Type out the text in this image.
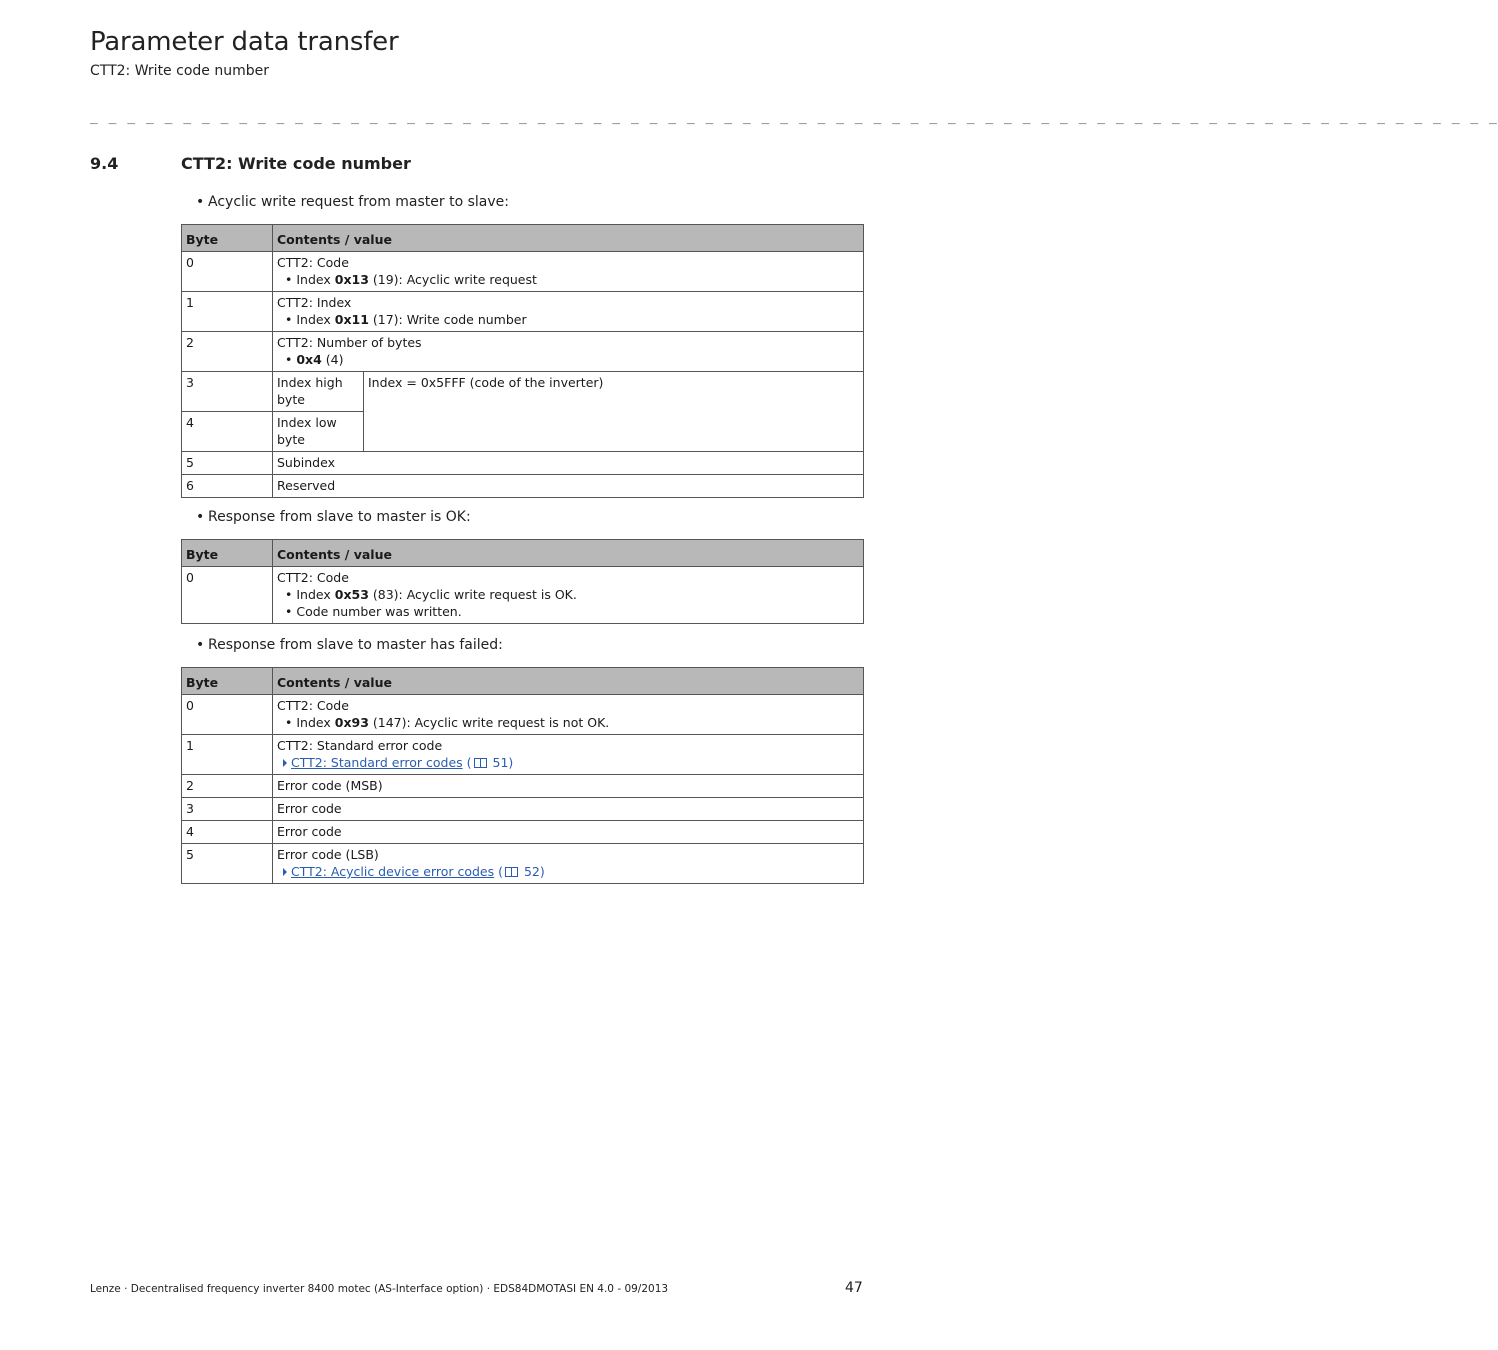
Parameter data transfer
CTT2: Write code number
_ _ _ _ _ _ _ _ _ _ _ _ _ _ _ _ _ _ _ _ _ _ _ _ _ _ _ _ _ _ _ _ _ _ _ _ _ _ _ _ _ _ _ _ _ _ _ _ _ _ _ _ _ _ _ _ _ _ _ _ _ _ _ _ _ _ _ _ _ _ _ _ _ _ _ _
9.4	CTT2: Write code number
• Acyclic write request from master to slave:
Byte	Contents / value	
0	CTT2: Code
• Index 0x13 (19): Acyclic write request	

1	CTT2: Index
• Index 0x11 (17): Write code number	

2	CTT2: Number of bytes
• 0x4 (4)	

3	Index high byte	Index = 0x5FFF (code of the inverter)
4	Index low byte	
5	Subindex	
6	Reserved	
• Response from slave to master is OK:
Byte	Contents / value
0	CTT2: Code
• Index 0x53 (83): Acyclic write request is OK.
• Code number was written.
• Response from slave to master has failed:
Byte	Contents / value
0	CTT2: Code
• Index 0x93 (147): Acyclic write request is not OK.

1	CTT2: Standard error code
CTT2: Standard error codes ( 51)

2	Error code (MSB)
3	Error code
4	Error code
5	Error code (LSB)
CTT2: Acyclic device error codes ( 52)
Lenze · Decentralised frequency inverter 8400 motec (AS-Interface option) · EDS84DMOTASI EN 4.0 - 09/2013	47
